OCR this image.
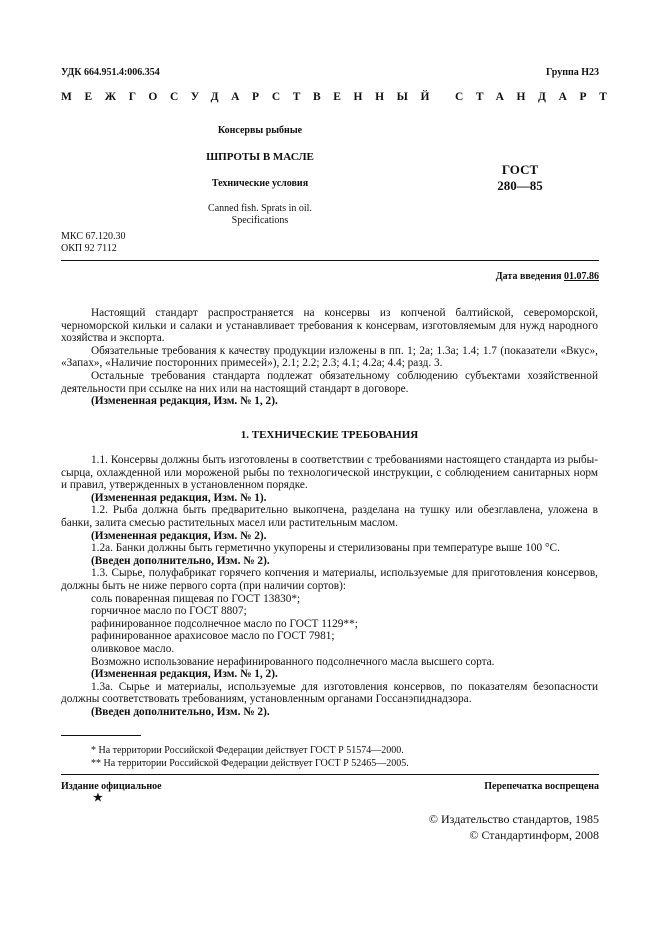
УДК 664.951.4:006.354	Группа Н23
МЕЖГОСУДАРСТВЕННЫЙ СТАНДАРТ
Консервы рыбные
ШПРОТЫ В МАСЛЕ
Технические условия
Canned fish. Sprats in oil.
Specifications
ГОСТ
280—85
МКС 67.120.30
ОКП 92 7112
Дата введения 01.07.86

Настоящий стандарт распространяется на консервы из копченой балтийской, североморской, черноморской кильки и салаки и устанавливает требования к консервам, изготовляемым для нужд народного хозяйства и экспорта.

Обязательные требования к качеству продукции изложены в пп. 1; 2а; 1.3а; 1.4; 1.7 (показатели «Вкус», «Запах», «Наличие посторонних примесей»), 2.1; 2.2; 2.3; 4.1; 4.2а; 4.4; разд. 3.

Остальные требования стандарта подлежат обязательному соблюдению субъектами хозяйственной деятельности при ссылке на них или на настоящий стандарт в договоре.

(Измененная редакция, Изм. № 1, 2).

1. ТЕХНИЧЕСКИЕ ТРЕБОВАНИЯ

1.1. Консервы должны быть изготовлены в соответствии с требованиями настоящего стандарта из рыбы-сырца, охлажденной или мороженой рыбы по технологической инструкции, с соблюдением санитарных норм и правил, утвержденных в установленном порядке.

(Измененная редакция, Изм. № 1).

1.2. Рыба должна быть предварительно выкопчена, разделана на тушку или обезглавлена, уложена в банки, залита смесью растительных масел или растительным маслом.

(Измененная редакция, Изм. № 2).

1.2а. Банки должны быть герметично укупорены и стерилизованы при температуре выше 100 °С.

(Введен дополнительно, Изм. № 2).

1.3. Сырье, полуфабрикат горячего копчения и материалы, используемые для приготовления консервов, должны быть не ниже первого сорта (при наличии сортов):

соль поваренная пищевая по ГОСТ 13830*;

горчичное масло по ГОСТ 8807;

рафинированное подсолнечное масло по ГОСТ 1129**;

рафинированное арахисовое масло по ГОСТ 7981;

оливковое масло.

Возможно использование нерафинированного подсолнечного масла высшего сорта.

(Измененная редакция, Изм. № 1, 2).

1.3а. Сырье и материалы, используемые для изготовления консервов, по показателям безопасности должны соответствовать требованиям, установленным органами Госсанэпиднадзора.

(Введен дополнительно, Изм. № 2).

* На территории Российской Федерации действует ГОСТ Р 51574—2000.
** На территории Российской Федерации действует ГОСТ Р 52465—2005.
Издание официальное
★
Перепечатка воспрещена
© Издательство стандартов, 1985
© Стандартинформ, 2008
